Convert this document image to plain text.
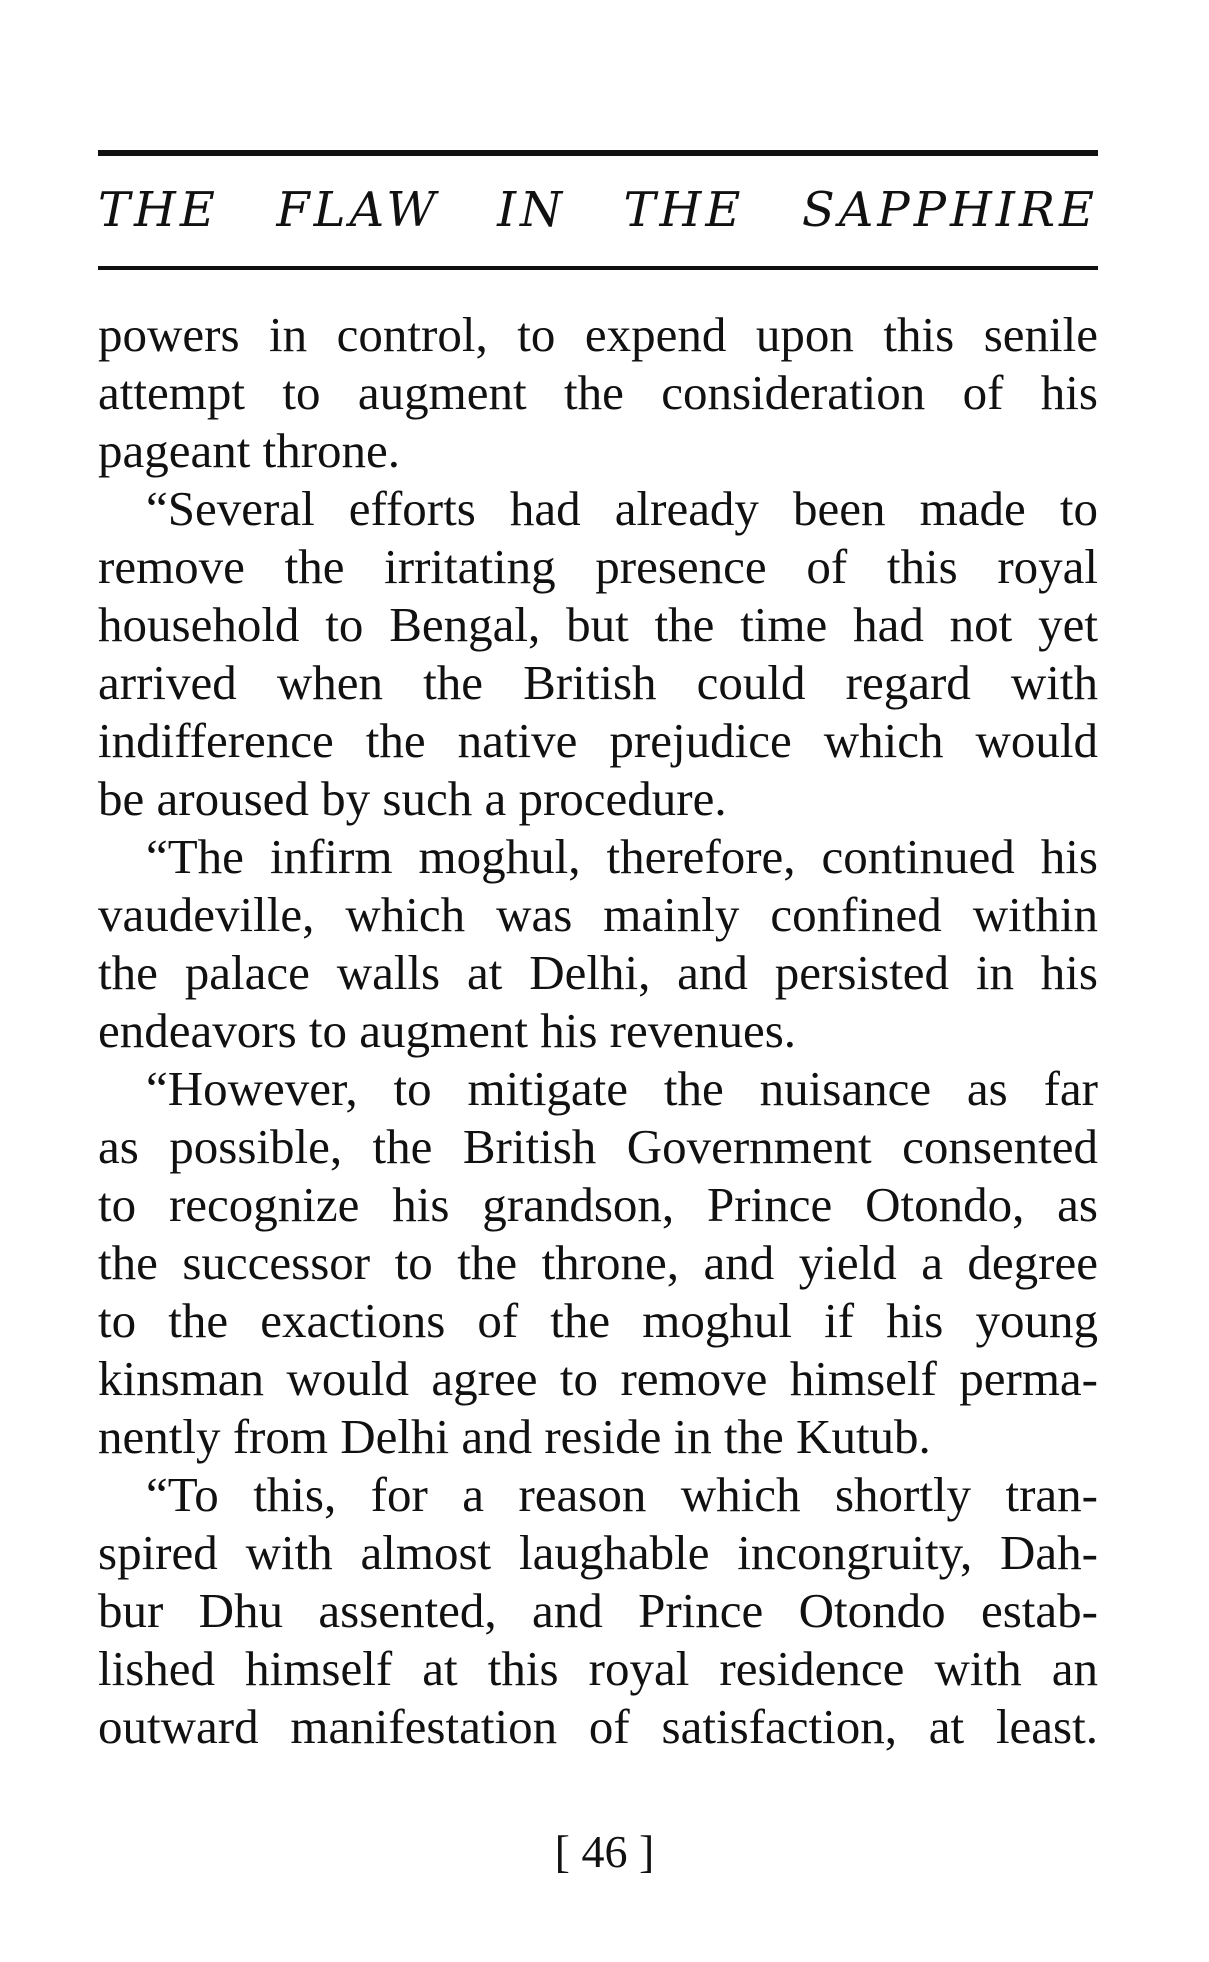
THE FLAW IN THE SAPPHIRE
powers in control, to expend upon this senile
attempt to augment the consideration of his
pageant throne.
“Several efforts had already been made to
remove the irritating presence of this royal
household to Bengal, but the time had not yet
arrived when the British could regard with
indifference the native prejudice which would
be aroused by such a procedure.
“The infirm moghul, therefore, continued his
vaudeville, which was mainly confined within
the palace walls at Delhi, and persisted in his
endeavors to augment his revenues.
“However, to mitigate the nuisance as far
as possible, the British Government consented
to recognize his grandson, Prince Otondo, as
the successor to the throne, and yield a degree
to the exactions of the moghul if his young
kinsman would agree to remove himself perma-
nently from Delhi and reside in the Kutub.
“To this, for a reason which shortly tran-
spired with almost laughable incongruity, Dah-
bur Dhu assented, and Prince Otondo estab-
lished himself at this royal residence with an
outward manifestation of satisfaction, at least.
[ 46 ]
